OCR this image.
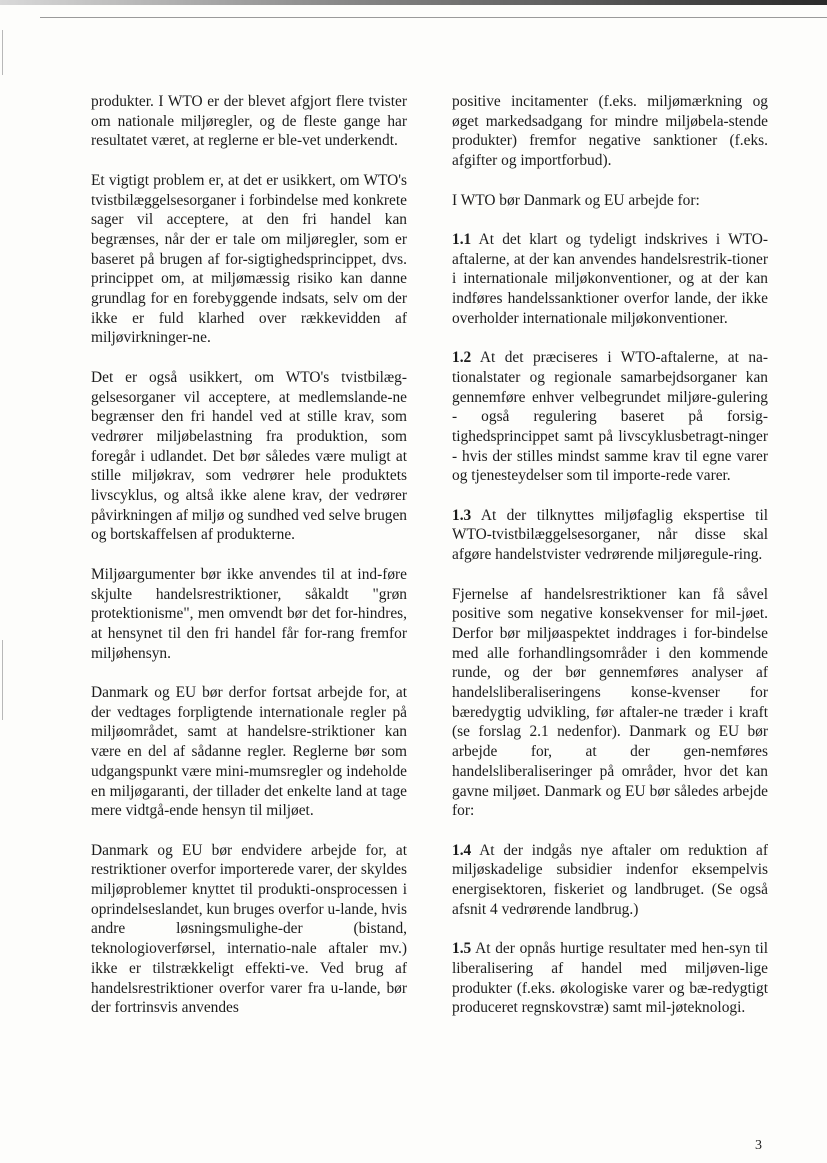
produkter. I WTO er der blevet afgjort flere tvister om nationale miljøregler, og de fleste gange har resultatet været, at reglerne er ble-vet underkendt.

Et vigtigt problem er, at det er usikkert, om WTO's tvistbilæggelsesorganer i forbindelse med konkrete sager vil acceptere, at den fri handel kan begrænses, når der er tale om miljøregler, som er baseret på brugen af for-sigtighedsprincippet, dvs. princippet om, at miljømæssig risiko kan danne grundlag for en forebyggende indsats, selv om der ikke er fuld klarhed over rækkevidden af miljøvirkninger-ne.

Det er også usikkert, om WTO's tvistbilæg-gelsesorganer vil acceptere, at medlemslande-ne begrænser den fri handel ved at stille krav, som vedrører miljøbelastning fra produktion, som foregår i udlandet. Det bør således være muligt at stille miljøkrav, som vedrører hele produktets livscyklus, og altså ikke alene krav, der vedrører påvirkningen af miljø og sundhed ved selve brugen og bortskaffelsen af produkterne.

Miljøargumenter bør ikke anvendes til at ind-føre skjulte handelsrestriktioner, såkaldt "grøn protektionisme", men omvendt bør det for-hindres, at hensynet til den fri handel får for-rang fremfor miljøhensyn.

Danmark og EU bør derfor fortsat arbejde for, at der vedtages forpligtende internationale regler på miljøområdet, samt at handelsre-striktioner kan være en del af sådanne regler. Reglerne bør som udgangspunkt være mini-mumsregler og indeholde en miljøgaranti, der tillader det enkelte land at tage mere vidtgå-ende hensyn til miljøet.

Danmark og EU bør endvidere arbejde for, at restriktioner overfor importerede varer, der skyldes miljøproblemer knyttet til produkti-onsprocessen i oprindelseslandet, kun bruges overfor u-lande, hvis andre løsningsmulighe-der (bistand, teknologioverførsel, internatio-nale aftaler mv.) ikke er tilstrækkeligt effekti-ve. Ved brug af handelsrestriktioner overfor varer fra u-lande, bør der fortrinsvis anvendes

positive incitamenter (f.eks. miljømærkning og øget markedsadgang for mindre miljøbela-stende produkter) fremfor negative sanktioner (f.eks. afgifter og importforbud).

I WTO bør Danmark og EU arbejde for:

1.1 At det klart og tydeligt indskrives i WTO-aftalerne, at der kan anvendes handelsrestrik-tioner i internationale miljøkonventioner, og at der kan indføres handelssanktioner overfor lande, der ikke overholder internationale miljøkonventioner.

1.2 At det præciseres i WTO-aftalerne, at na-tionalstater og regionale samarbejdsorganer kan gennemføre enhver velbegrundet miljøre-gulering - også regulering baseret på forsig-tighedsprincippet samt på livscyklusbetragt-ninger - hvis der stilles mindst samme krav til egne varer og tjenesteydelser som til importe-rede varer.

1.3 At der tilknyttes miljøfaglig ekspertise til WTO-tvistbilæggelsesorganer, når disse skal afgøre handelstvister vedrørende miljøregule-ring.

Fjernelse af handelsrestriktioner kan få såvel positive som negative konsekvenser for mil-jøet. Derfor bør miljøaspektet inddrages i for-bindelse med alle forhandlingsområder i den kommende runde, og der bør gennemføres analyser af handelsliberaliseringens konse-kvenser for bæredygtig udvikling, før aftaler-ne træder i kraft (se forslag 2.1 nedenfor). Danmark og EU bør arbejde for, at der gen-nemføres handelsliberaliseringer på områder, hvor det kan gavne miljøet. Danmark og EU bør således arbejde for:

1.4 At der indgås nye aftaler om reduktion af miljøskadelige subsidier indenfor eksempelvis energisektoren, fiskeriet og landbruget. (Se også afsnit 4 vedrørende landbrug.)

1.5 At der opnås hurtige resultater med hen-syn til liberalisering af handel med miljøven-lige produkter (f.eks. økologiske varer og bæ-redygtigt produceret regnskovstræ) samt mil-jøteknologi.

3
